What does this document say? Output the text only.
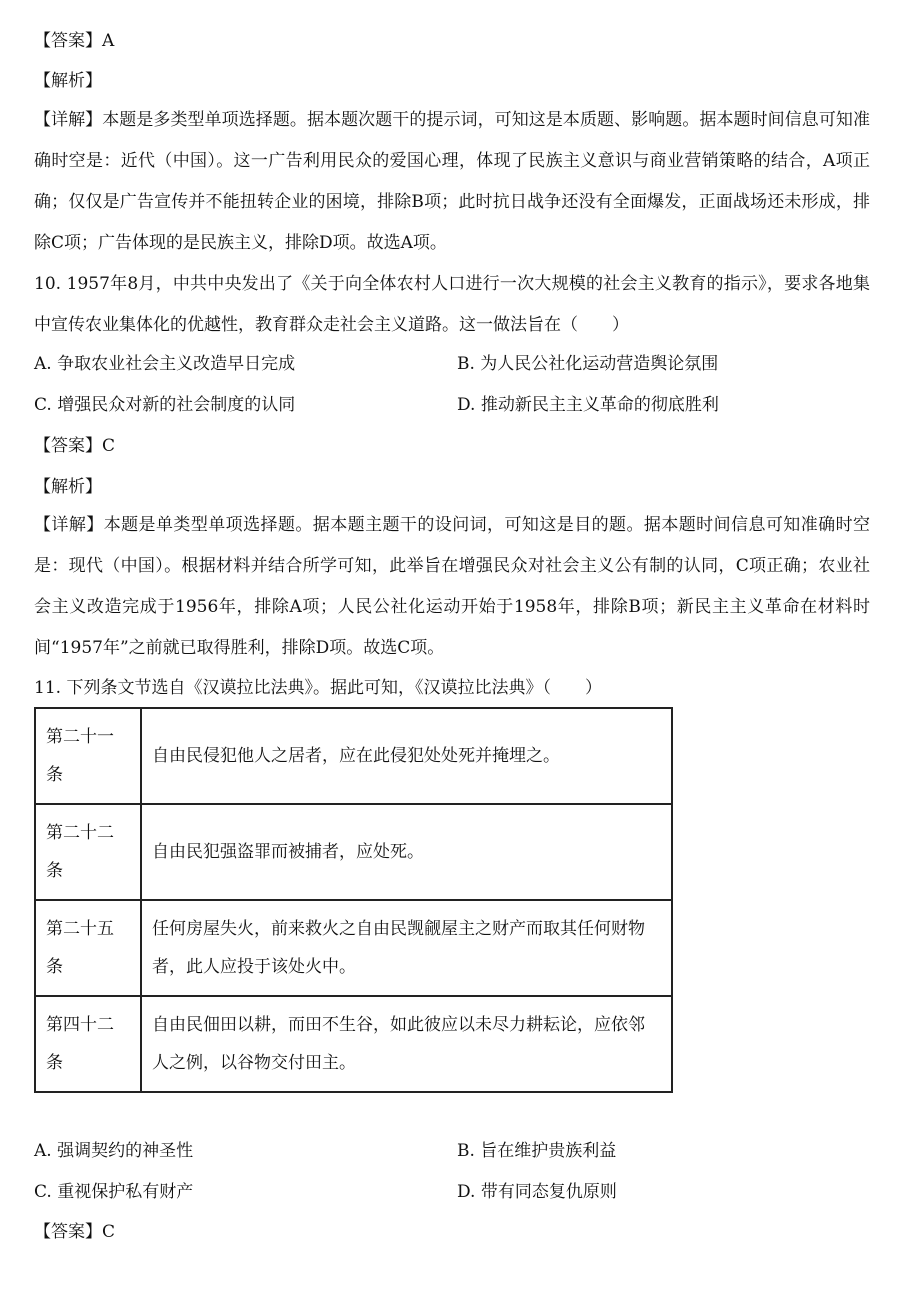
【答案】A
【解析】
【详解】本题是多类型单项选择题。据本题次题干的提示词，可知这是本质题、影响题。据本题时间信息可知准确时空是：近代（中国）。这一广告利用民众的爱国心理，体现了民族主义意识与商业营销策略的结合，A项正确；仅仅是广告宣传并不能扭转企业的困境，排除B项；此时抗日战争还没有全面爆发，正面战场还未形成，排除C项；广告体现的是民族主义，排除D项。故选A项。
10. 1957年8月，中共中央发出了《关于向全体农村人口进行一次大规模的社会主义教育的指示》，要求各地集中宣传农业集体化的优越性，教育群众走社会主义道路。这一做法旨在（　　）
A. 争取农业社会主义改造早日完成	B. 为人民公社化运动营造舆论氛围
C. 增强民众对新的社会制度的认同	D. 推动新民主主义革命的彻底胜利
【答案】C
【解析】
【详解】本题是单类型单项选择题。据本题主题干的设问词，可知这是目的题。据本题时间信息可知准确时空是：现代（中国）。根据材料并结合所学可知，此举旨在增强民众对社会主义公有制的认同，C项正确；农业社会主义改造完成于1956年，排除A项；人民公社化运动开始于1958年，排除B项；新民主主义革命在材料时间“1957年”之前就已取得胜利，排除D项。故选C项。
11. 下列条文节选自《汉谟拉比法典》。据此可知，《汉谟拉比法典》（　　）
第二十一条	自由民侵犯他人之居者，应在此侵犯处处死并掩埋之。
第二十二条	自由民犯强盗罪而被捕者，应处死。
第二十五条	任何房屋失火，前来救火之自由民觊觎屋主之财产而取其任何财物者，此人应投于该处火中。
第四十二条	自由民佃田以耕，而田不生谷，如此彼应以未尽力耕耘论，应依邻人之例，以谷物交付田主。
A. 强调契约的神圣性	B. 旨在维护贵族利益
C. 重视保护私有财产	D. 带有同态复仇原则
【答案】C
